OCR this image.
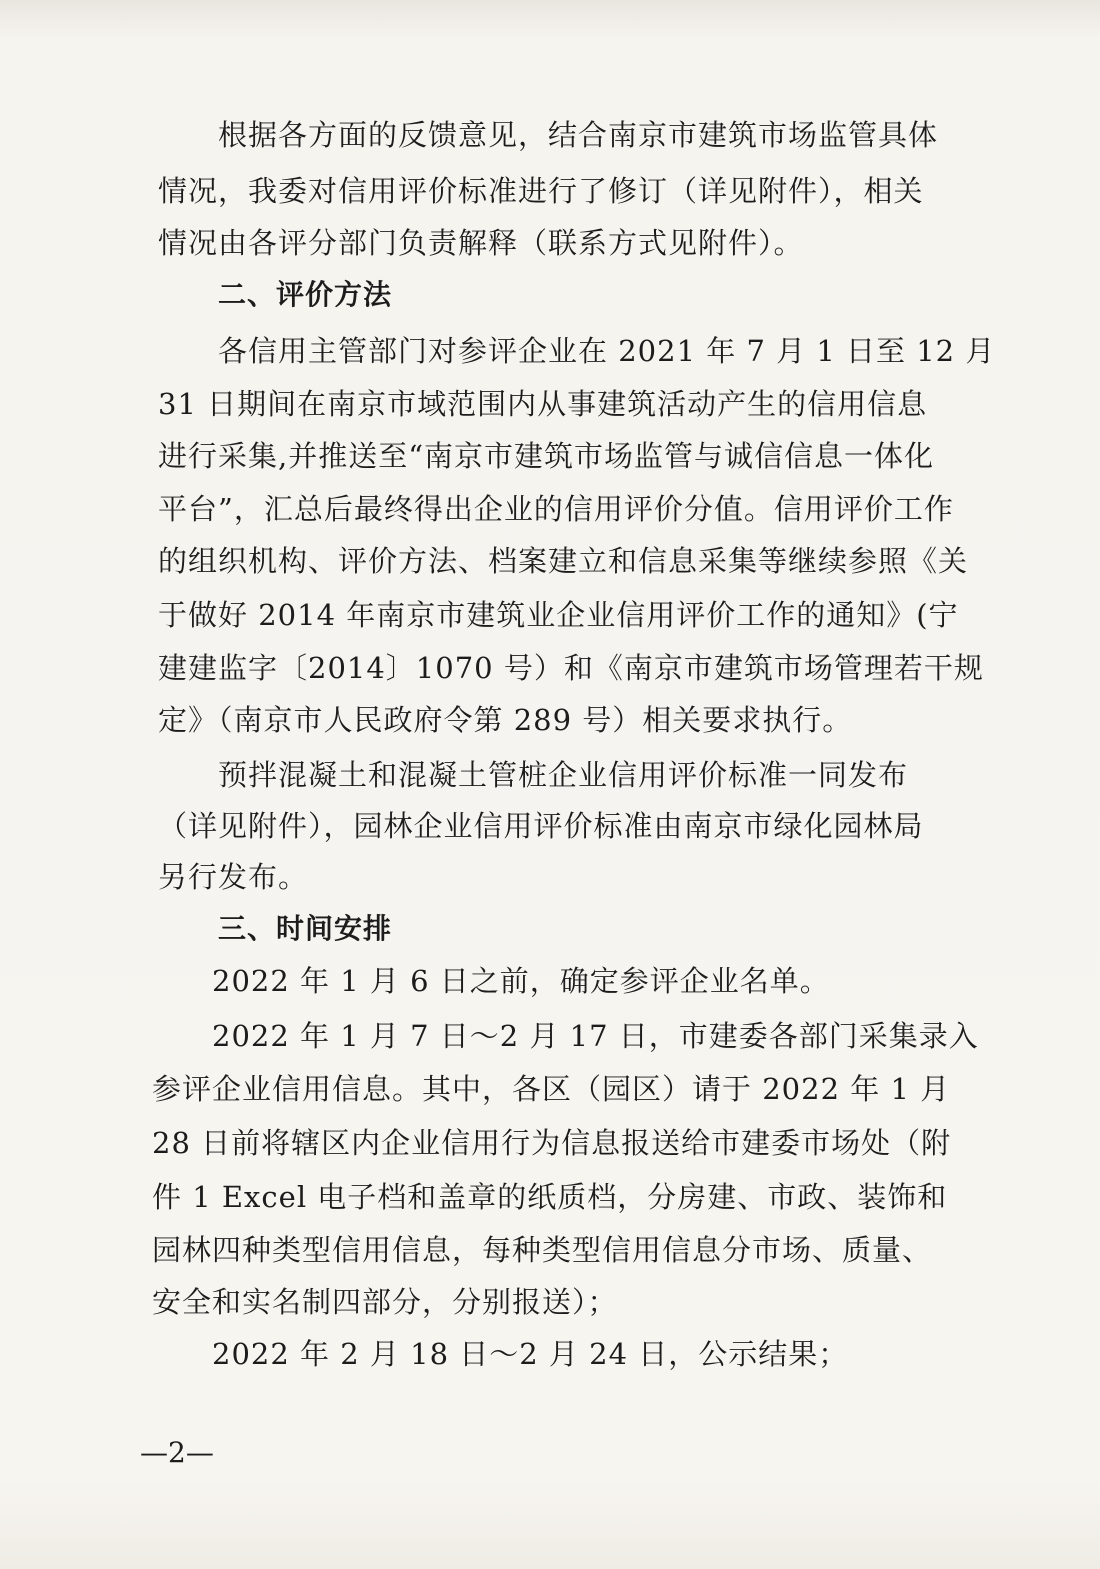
根据各方面的反馈意见，结合南京市建筑市场监管具体
情况，我委对信用评价标准进行了修订（详见附件），相关
情况由各评分部门负责解释（联系方式见附件）。
二、评价方法
各信用主管部门对参评企业在 2021 年 7 月 1 日至 12 月
31 日期间在南京市域范围内从事建筑活动产生的信用信息
进行采集,并推送至“南京市建筑市场监管与诚信信息一体化
平台”，汇总后最终得出企业的信用评价分值。信用评价工作
的组织机构、评价方法、档案建立和信息采集等继续参照《关
于做好 2014 年南京市建筑业企业信用评价工作的通知》(宁
建建监字〔2014〕1070 号）和《南京市建筑市场管理若干规
定》（南京市人民政府令第 289 号）相关要求执行。
预拌混凝土和混凝土管桩企业信用评价标准一同发布
（详见附件），园林企业信用评价标准由南京市绿化园林局
另行发布。
三、时间安排
2022 年 1 月 6 日之前，确定参评企业名单。
2022 年 1 月 7 日～2 月 17 日，市建委各部门采集录入
参评企业信用信息。其中，各区（园区）请于 2022 年 1 月
28 日前将辖区内企业信用行为信息报送给市建委市场处（附
件 1 Excel 电子档和盖章的纸质档，分房建、市政、装饰和
园林四种类型信用信息，每种类型信用信息分市场、质量、
安全和实名制四部分，分别报送）；
2022 年 2 月 18 日～2 月 24 日，公示结果；
—2—
